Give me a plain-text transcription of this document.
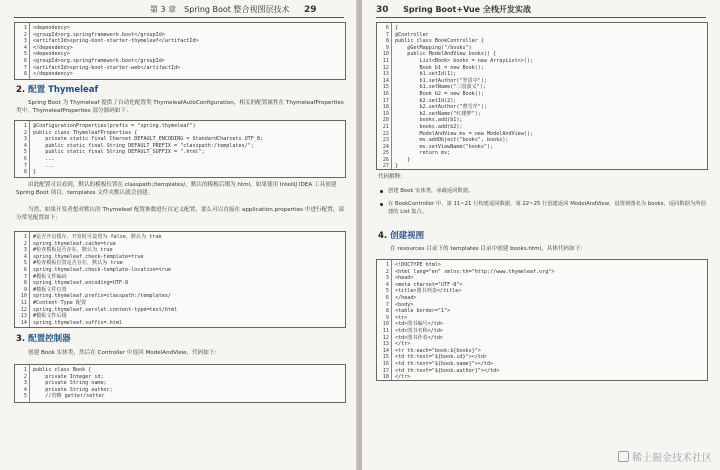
第 3 章　Spring Boot 整合视图层技术 29
1 <dependency>
2 <groupId>org.springframework.boot</groupId>
3 <artifactId>spring-boot-starter-thymeleaf</artifactId>
4 </dependency>
5 <dependency>
6 <groupId>org.springframework.boot</groupId>
7 <artifactId>spring-boot-starter-web</artifactId>
8 </dependency>
2. 配置 Thymeleaf
Spring Boot 为 Thymeleaf 提供了自动化配置类 ThymeleafAutoConfiguration，相关的配置属性在 ThymeleafProperties 类中，ThymeleafProperties 部分源码如下：
1 @ConfigurationProperties(prefix = "spring.thymeleaf")
2 public class ThymeleafProperties {
3 private static final Charset DEFAULT_ENCODING = StandardCharsets.UTF_8;
4 public static final String DEFAULT_PREFIX = "classpath:/templates/";
5 public static final String DEFAULT_SUFFIX = ".html";
6 ...
7 ...
8 }
由此配置可以看到，默认的模板位置在 classpath:/templates/，默认的模板后缀为.html。如果使用 IntelliJ IDEA 工具创建 Spring Boot 项目，templates 文件夹默认就会创建。
当然，如果开发者想对默认的 Thymeleaf 配置参数进行自定义配置，那么可以直接在 application.properties 中进行配置，部分常见配置如下：
1 #是否开启缓存，开发时可设置为 false，默认为 true
2 spring.thymeleaf.cache=true
3 #检查模板是否存在，默认为 true
4 spring.thymeleaf.check-template=true
5 #检查模板位置是否存在，默认为 true
6 spring.thymeleaf.check-template-location=true
7 #模板文件编码
8 spring.thymeleaf.encoding=UTF-8
9 #模板文件位置
10 spring.thymeleaf.prefix=classpath:/templates/
11 #Content-Type 配置
12 spring.thymeleaf.servlet.content-type=text/html
13 #模板文件后缀
14 spring.thymeleaf.suffix=.html
3. 配置控制器
创建 Book 实体类，然后在 Controller 中返回 ModelAndView，代码如下：
1 public class Book {
2 private Integer id;
3 private String name;
4 private String author;
5 //省略 getter/setter
30 Spring Boot+Vue 全栈开发实战
6 }
7 @Controller
8 public class BookController {
9 @GetMapping("/books")
10 public ModelAndView books() {
11 List<Book> books = new ArrayList<>();
12 Book b1 = new Book();
13 b1.setId(1);
14 b1.setAuthor("罗贯中");
15 b1.setName("三国演义");
16 Book b2 = new Book();
17 b2.setId(2);
18 b2.setAuthor("曹雪芹");
19 b2.setName("红楼梦");
20 books.add(b1);
21 books.add(b2);
22 ModelAndView mv = new ModelAndView();
23 mv.addObject("books", books);
24 mv.setViewName("books");
25 return mv;
26 }
27 }
代码解释：
创建 Book 实体类，承载返回数据。
在 BookController 中，第 11~21 行构建返回数据，第 22~25 行创建返回 ModelAndView，设置视图名为 books，返回数据为所创建的 List 集合。
4. 创建视图
在 resources 目录下的 templates 目录中创建 books.html，具体代码如下：
1 <!DOCTYPE html>
2 <html lang="en" xmlns:th="http://www.thymeleaf.org">
3 <head>
4 <meta charset="UTF-8">
5 <title>图书列表</title>
6 </head>
7 <body>
8 <table border="1">
9 <tr>
10 <td>图书编号</td>
11 <td>图书名称</td>
12 <td>图书作者</td>
13 </tr>
14 <tr th:each="book:${books}">
15 <td th:text="${book.id}"></td>
16 <td th:text="${book.name}"></td>
17 <td th:text="${book.author}"></td>
18 </tr>
稀土掘金技术社区
